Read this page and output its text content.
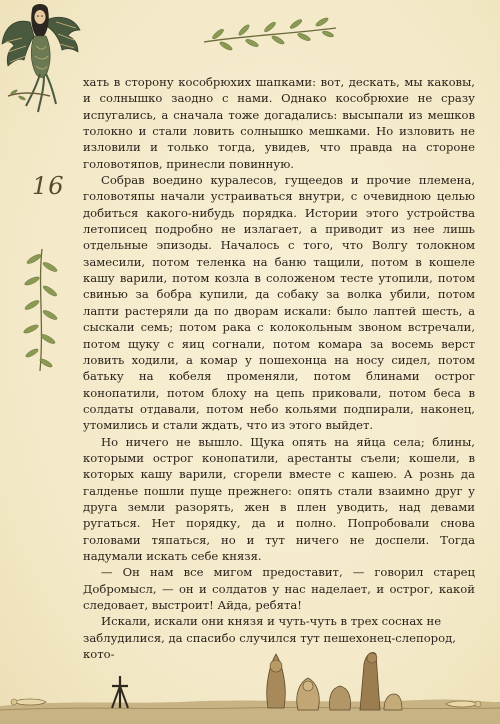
16

хать в сторону кособрюхих шапками: вот, дескать, мы каковы, и солнышко заодно с нами. Однако кособрюхие не сразу испугались, а сначала тоже догадались: высыпали из мешков толокно и стали ловить солнышко мешками. Но изловить не изловили и только тогда, увидев, что правда на стороне головотяпов, принесли повинную.

Собрав воедино куралесов, гущеедов и прочие племена, головотяпы начали устраиваться внутри, с очевидною целью добиться какого-нибудь порядка. Истории этого устройства летописец подробно не излагает, а приводит из нее лишь отдельные эпизоды. Началось с того, что Волгу толокном замесили, потом теленка на баню тащили, потом в кошеле кашу варили, потом козла в соложеном тесте утопили, потом свинью за бобра купили, да собаку за волка убили, потом лапти растеряли да по дворам искали: было лаптей шесть, а сыскали семь; потом рака с колокольным звоном встречали, потом щуку с яиц согнали, потом комара за восемь верст ловить ходили, а комар у пошехонца на носу сидел, потом батьку на кобеля променяли, потом блинами острог конопатили, потом блоху на цепь приковали, потом беса в солдаты отдавали, потом небо кольями подпирали, наконец, утомились и стали ждать, что из этого выйдет.

Но ничего не вышло. Щука опять на яйца села; блины, которыми острог конопатили, арестанты съели; кошели, в которых кашу варили, сгорели вместе с кашею. А рознь да галденье пошли пуще прежнего: опять стали взаимно друг у друга земли разорять, жен в плен уводить, над девами ругаться. Нет порядку, да и полно. Попробовали снова головами тяпаться, но и тут ничего не доспели. Тогда надумали искать себе князя.

— Он нам все мигом предоставит, — говорил старец Добромысл, — он и солдатов у нас наделает, и острог, какой следовает, выстроит! Айда, ребята!

Искали, искали они князя и чуть-чуть в трех соснах не заблудилися, да спасибо случился тут пешехонец-слепород, кото-
